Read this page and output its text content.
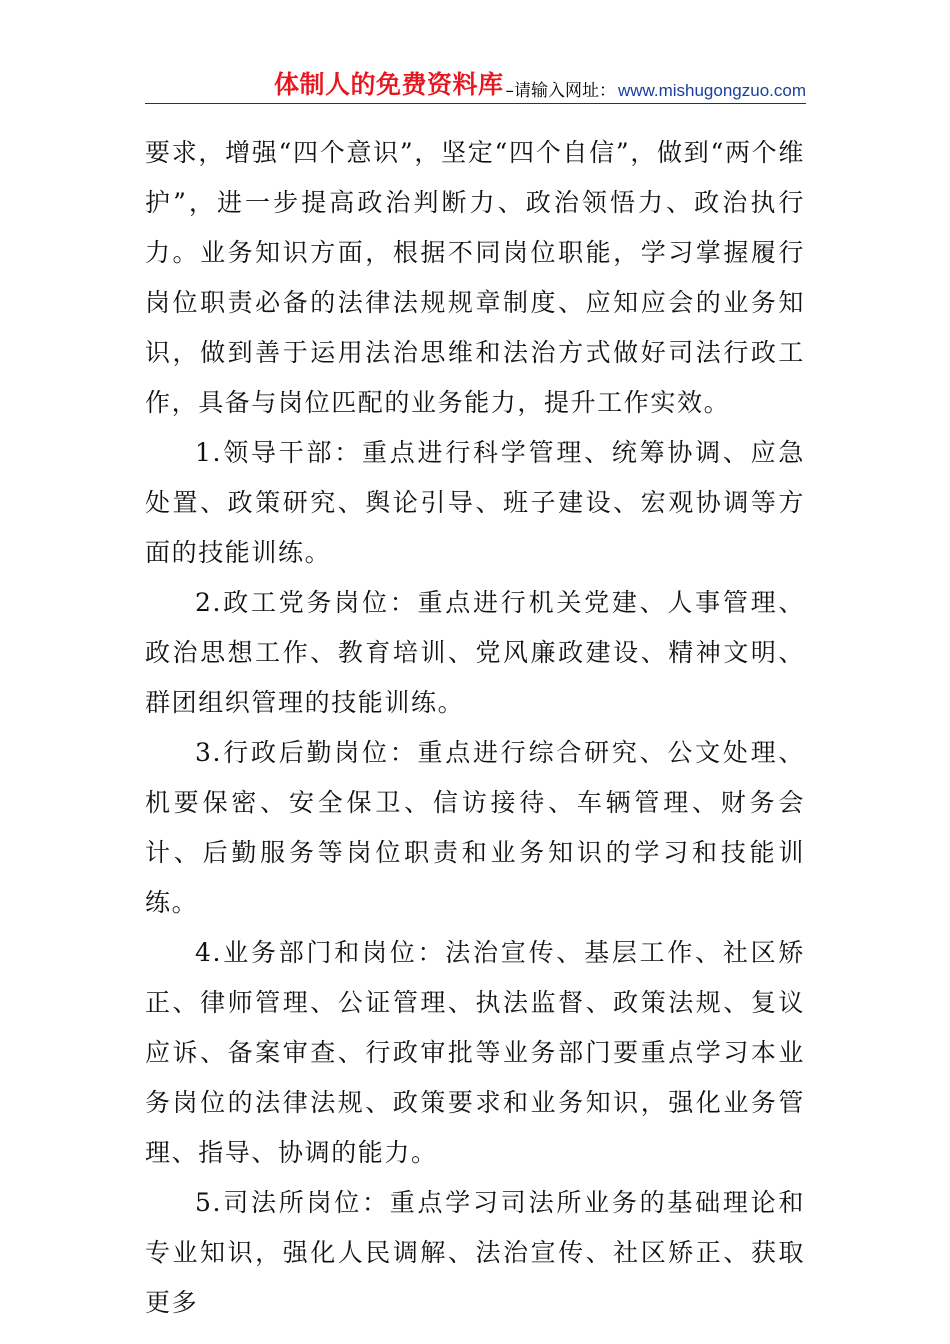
体制人的免费资料库 –请输入网址： www.mishugongzuo.com

要求，增强“四个意识”，坚定“四个自信”，做到“两个维护”，进一步提高政治判断力、政治领悟力、政治执行力。业务知识方面，根据不同岗位职能，学习掌握履行岗位职责必备的法律法规规章制度、应知应会的业务知识，做到善于运用法治思维和法治方式做好司法行政工作，具备与岗位匹配的业务能力，提升工作实效。

1.领导干部：重点进行科学管理、统筹协调、应急处置、政策研究、舆论引导、班子建设、宏观协调等方面的技能训练。

2.政工党务岗位：重点进行机关党建、人事管理、政治思想工作、教育培训、党风廉政建设、精神文明、群团组织管理的技能训练。

3.行政后勤岗位：重点进行综合研究、公文处理、机要保密、安全保卫、信访接待、车辆管理、财务会计、后勤服务等岗位职责和业务知识的学习和技能训练。

4.业务部门和岗位：法治宣传、基层工作、社区矫正、律师管理、公证管理、执法监督、政策法规、复议应诉、备案审查、行政审批等业务部门要重点学习本业务岗位的法律法规、政策要求和业务知识，强化业务管理、指导、协调的能力。

5.司法所岗位：重点学习司法所业务的基础理论和专业知识，强化人民调解、法治宣传、社区矫正、获取更多
